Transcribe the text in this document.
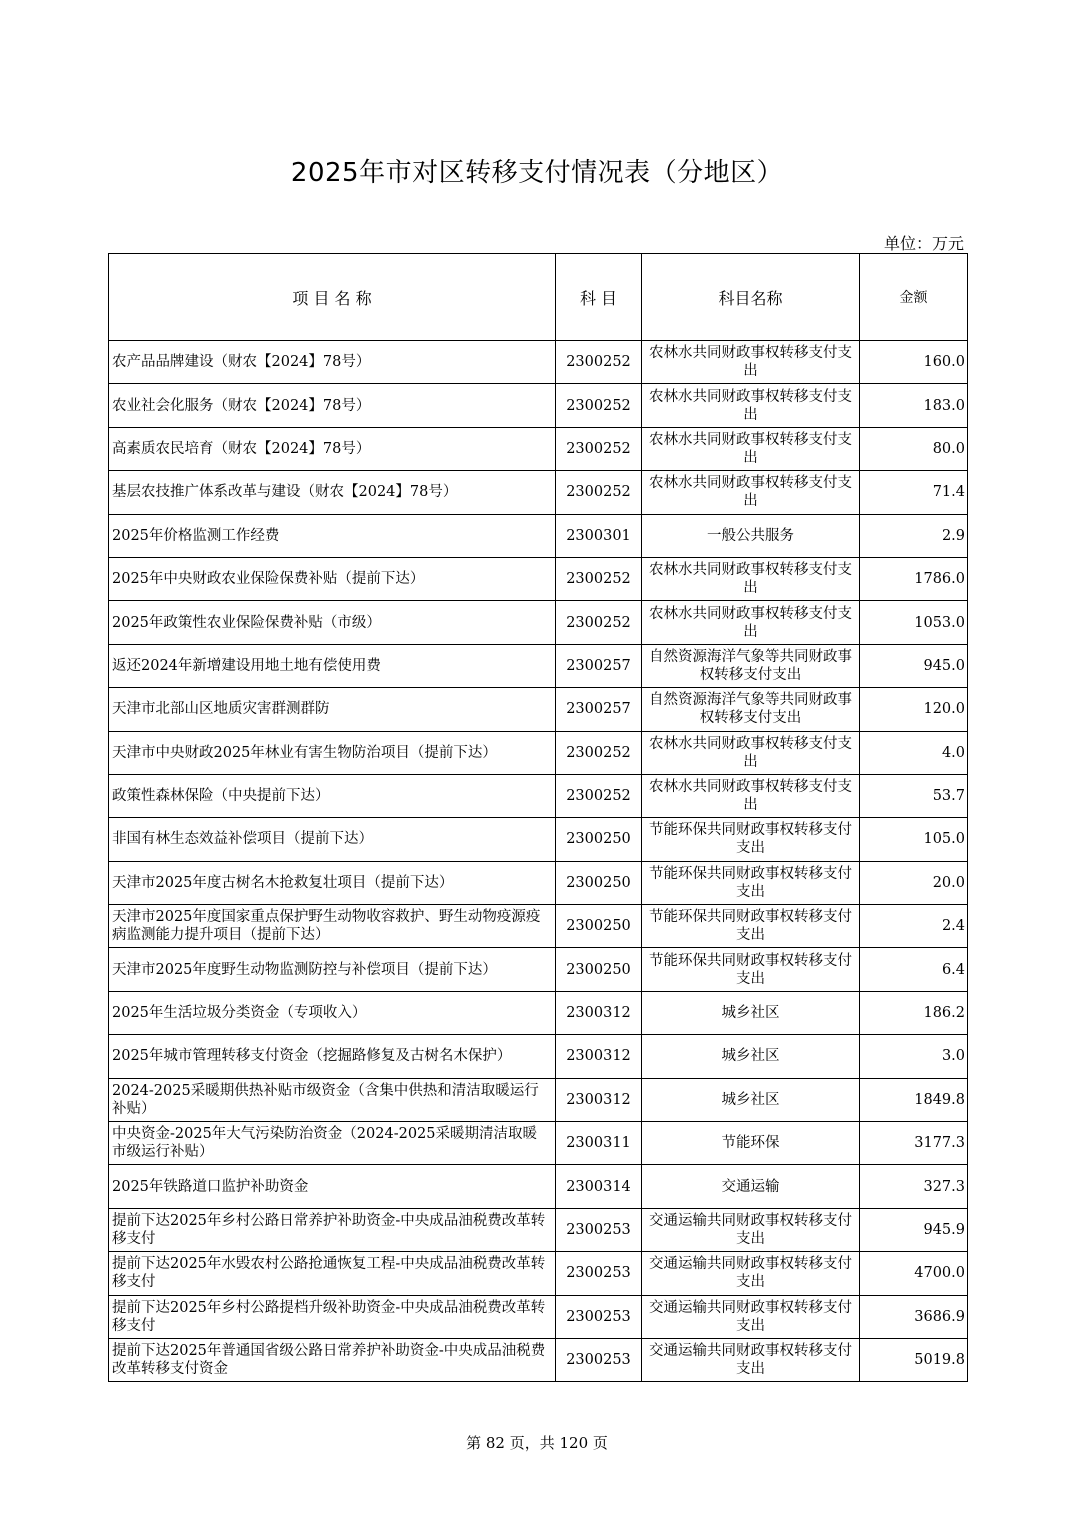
2025年市对区转移支付情况表（分地区）
单位：万元
项 目 名 称	科 目	科目名称	金额
农产品品牌建设（财农【2024】78号）	2300252	农林水共同财政事权转移支付支出	160.0
农业社会化服务（财农【2024】78号）	2300252	农林水共同财政事权转移支付支出	183.0
高素质农民培育（财农【2024】78号）	2300252	农林水共同财政事权转移支付支出	80.0
基层农技推广体系改革与建设（财农【2024】78号）	2300252	农林水共同财政事权转移支付支出	71.4
2025年价格监测工作经费	2300301	一般公共服务	2.9
2025年中央财政农业保险保费补贴（提前下达）	2300252	农林水共同财政事权转移支付支出	1786.0
2025年政策性农业保险保费补贴（市级）	2300252	农林水共同财政事权转移支付支出	1053.0
返还2024年新增建设用地土地有偿使用费	2300257	自然资源海洋气象等共同财政事权转移支付支出	945.0
天津市北部山区地质灾害群测群防	2300257	自然资源海洋气象等共同财政事权转移支付支出	120.0
天津市中央财政2025年林业有害生物防治项目（提前下达）	2300252	农林水共同财政事权转移支付支出	4.0
政策性森林保险（中央提前下达）	2300252	农林水共同财政事权转移支付支出	53.7
非国有林生态效益补偿项目（提前下达）	2300250	节能环保共同财政事权转移支付支出	105.0
天津市2025年度古树名木抢救复壮项目（提前下达）	2300250	节能环保共同财政事权转移支付支出	20.0
天津市2025年度国家重点保护野生动物收容救护、野生动物疫源疫病监测能力提升项目（提前下达）	2300250	节能环保共同财政事权转移支付支出	2.4
天津市2025年度野生动物监测防控与补偿项目（提前下达）	2300250	节能环保共同财政事权转移支付支出	6.4
2025年生活垃圾分类资金（专项收入）	2300312	城乡社区	186.2
2025年城市管理转移支付资金（挖掘路修复及古树名木保护）	2300312	城乡社区	3.0
2024-2025采暖期供热补贴市级资金（含集中供热和清洁取暖运行补贴）	2300312	城乡社区	1849.8
中央资金-2025年大气污染防治资金（2024-2025采暖期清洁取暖市级运行补贴）	2300311	节能环保	3177.3
2025年铁路道口监护补助资金	2300314	交通运输	327.3
提前下达2025年乡村公路日常养护补助资金-中央成品油税费改革转移支付	2300253	交通运输共同财政事权转移支付支出	945.9
提前下达2025年水毁农村公路抢通恢复工程-中央成品油税费改革转移支付	2300253	交通运输共同财政事权转移支付支出	4700.0
提前下达2025年乡村公路提档升级补助资金-中央成品油税费改革转移支付	2300253	交通运输共同财政事权转移支付支出	3686.9
提前下达2025年普通国省级公路日常养护补助资金-中央成品油税费改革转移支付资金	2300253	交通运输共同财政事权转移支付支出	5019.8
第 82 页，共 120 页
